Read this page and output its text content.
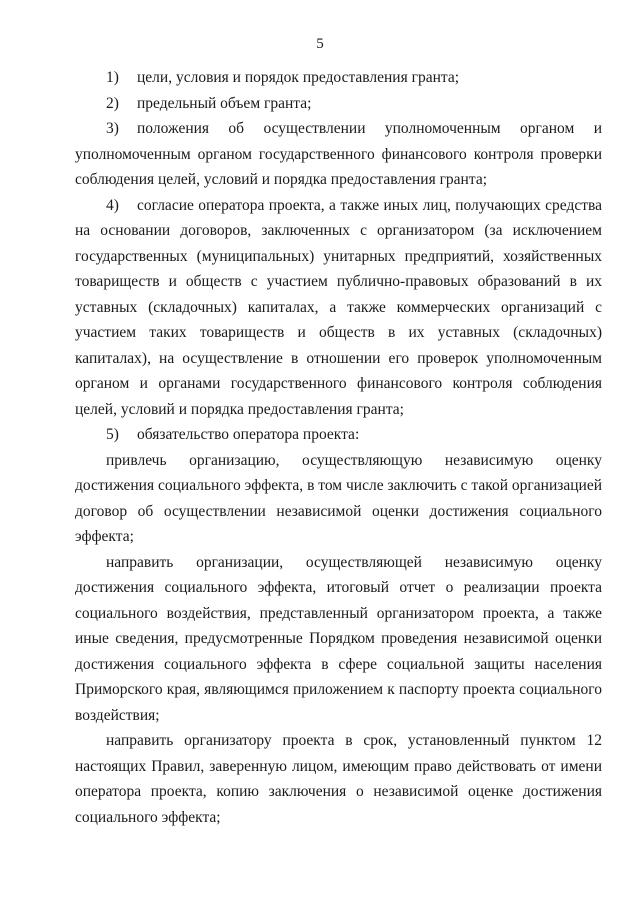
5

1) цели, условия и порядок предоставления гранта;

2) предельный объем гранта;

3) положения об осуществлении уполномоченным органом и уполномоченным органом государственного финансового контроля проверки соблюдения целей, условий и порядка предоставления гранта;

4) согласие оператора проекта, а также иных лиц, получающих средства на основании договоров, заключенных с организатором (за исключением государственных (муниципальных) унитарных предприятий, хозяйственных товариществ и обществ с участием публично-правовых образований в их уставных (складочных) капиталах, а также коммерческих организаций с участием таких товариществ и обществ в их уставных (складочных) капиталах), на осуществление в отношении его проверок уполномоченным органом и органами государственного финансового контроля соблюдения целей, условий и порядка предоставления гранта;

5) обязательство оператора проекта:

привлечь организацию, осуществляющую независимую оценку достижения социального эффекта, в том числе заключить с такой организацией договор об осуществлении независимой оценки достижения социального эффекта;

направить организации, осуществляющей независимую оценку достижения социального эффекта, итоговый отчет о реализации проекта социального воздействия, представленный организатором проекта, а также иные сведения, предусмотренные Порядком проведения независимой оценки достижения социального эффекта в сфере социальной защиты населения Приморского края, являющимся приложением к паспорту проекта социального воздействия;

направить организатору проекта в срок, установленный пунктом 12 настоящих Правил, заверенную лицом, имеющим право действовать от имени оператора проекта, копию заключения о независимой оценке достижения социального эффекта;
